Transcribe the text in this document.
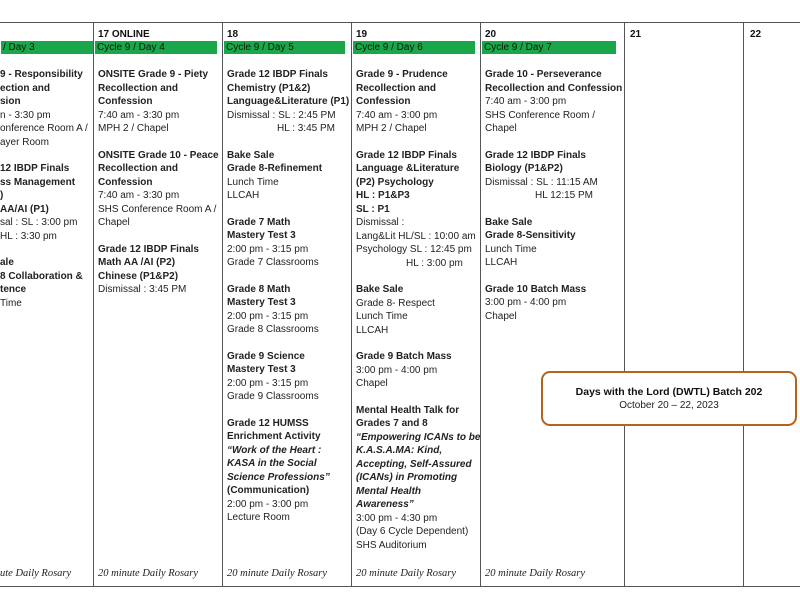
/ Day 3
9 - Responsibility
ection and
sion
n - 3:30 pm
onference Room A /
ayer Room
12 IBDP Finals
ss Management
)
AA/AI (P1)
sal : SL : 3:00 pm
HL : 3:30 pm
ale
8 Collaboration &
tence
Time
ute Daily Rosary
17 ONLINE
Cycle 9 / Day 4
ONSITE Grade 9 - Piety
Recollection and
Confession
7:40 am - 3:30 pm
MPH 2 / Chapel
ONSITE Grade 10 - Peace
Recollection and
Confession
7:40 am - 3:30 pm
SHS Conference Room A /
Chapel
Grade 12 IBDP Finals
Math AA /AI (P2)
Chinese (P1&P2)
Dismissal : 3:45 PM
20 minute Daily Rosary
18
Cycle 9 / Day 5
Grade 12 IBDP Finals
Chemistry (P1&2)
Language&Literature (P1)
Dismissal : SL : 2:45 PM
HL : 3:45 PM
Bake Sale
Grade 8-Refinement
Lunch Time
LLCAH
Grade 7 Math
Mastery Test 3
2:00 pm - 3:15 pm
Grade 7 Classrooms
Grade 8 Math
Mastery Test 3
2:00 pm - 3:15 pm
Grade 8 Classrooms
Grade 9 Science
Mastery Test 3
2:00 pm - 3:15 pm
Grade 9 Classrooms
Grade 12 HUMSS
Enrichment Activity
“Work of the Heart :
KASA in the Social
Science Professions”
(Communication)
2:00 pm - 3:00 pm
Lecture Room
20 minute Daily Rosary
19
Cycle 9 / Day 6
Grade 9 - Prudence
Recollection and
Confession
7:40 am - 3:00 pm
MPH 2 / Chapel
Grade 12 IBDP Finals
Language &Literature
(P2) Psychology
HL : P1&P3
SL : P1
Dismissal :
Lang&Lit HL/SL : 10:00 am
Psychology SL : 12:45 pm
HL : 3:00 pm
Bake Sale
Grade 8- Respect
Lunch Time
LLCAH
Grade 9 Batch Mass
3:00 pm - 4:00 pm
Chapel
Mental Health Talk for
Grades 7 and 8
“Empowering ICANs to be
K.A.S.A.MA: Kind,
Accepting, Self-Assured
(ICANs) in Promoting
Mental Health
Awareness”
3:00 pm - 4:30 pm
(Day 6 Cycle Dependent)
SHS Auditorium
20 minute Daily Rosary
20
Cycle 9 / Day 7
Grade 10 - Perseverance
Recollection and Confession
7:40 am - 3:00 pm
SHS Conference Room /
Chapel
Grade 12 IBDP Finals
Biology (P1&P2)
Dismissal : SL : 11:15 AM
HL 12:15 PM
Bake Sale
Grade 8-Sensitivity
Lunch Time
LLCAH
Grade 10 Batch Mass
3:00 pm - 4:00 pm
Chapel
20 minute Daily Rosary
21	22
Days with the Lord (DWTL) Batch 202
October 20 – 22, 2023
